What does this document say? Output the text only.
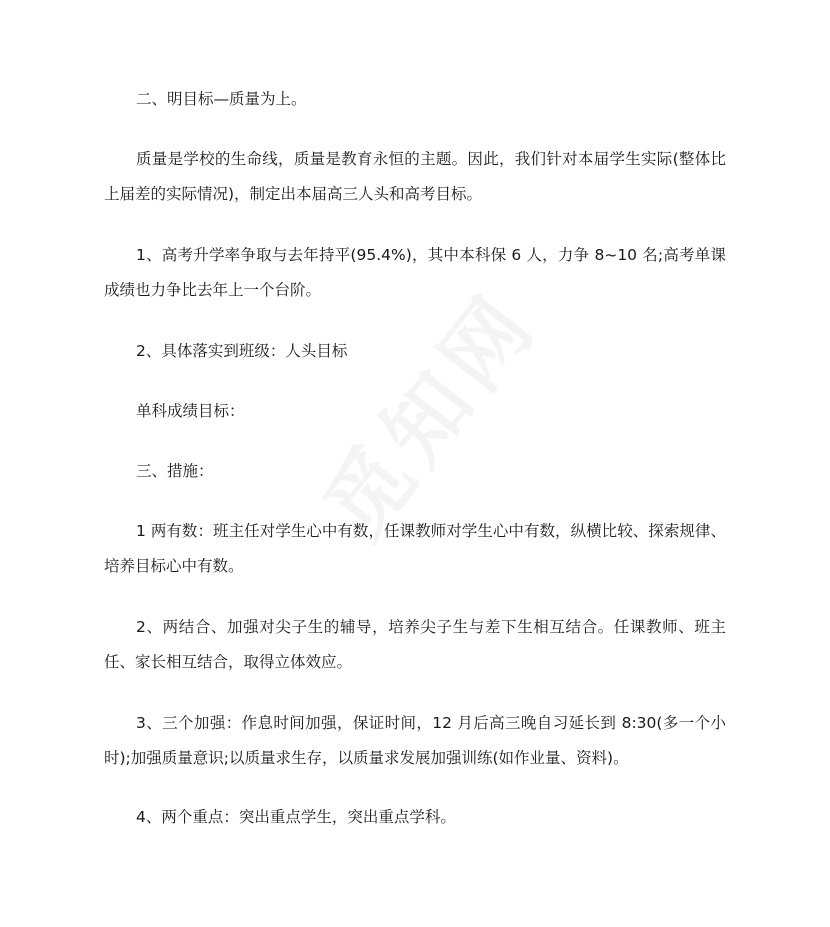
二、明目标—质量为上。

质量是学校的生命线，质量是教育永恒的主题。因此，我们针对本届学生实际(整体比上届差的实际情况)，制定出本届高三人头和高考目标。

1、高考升学率争取与去年持平(95.4%)，其中本科保 6 人，力争 8~10 名;高考单课成绩也力争比去年上一个台阶。

2、具体落实到班级：人头目标

单科成绩目标：

三、措施：

1 两有数：班主任对学生心中有数，任课教师对学生心中有数，纵横比较、探索规律、培养目标心中有数。

2、两结合、加强对尖子生的辅导，培养尖子生与差下生相互结合。任课教师、班主任、家长相互结合，取得立体效应。

3、三个加强：作息时间加强，保证时间，12 月后高三晚自习延长到 8:30(多一个小时);加强质量意识;以质量求生存，以质量求发展加强训练(如作业量、资料)。

4、两个重点：突出重点学生，突出重点学科。
